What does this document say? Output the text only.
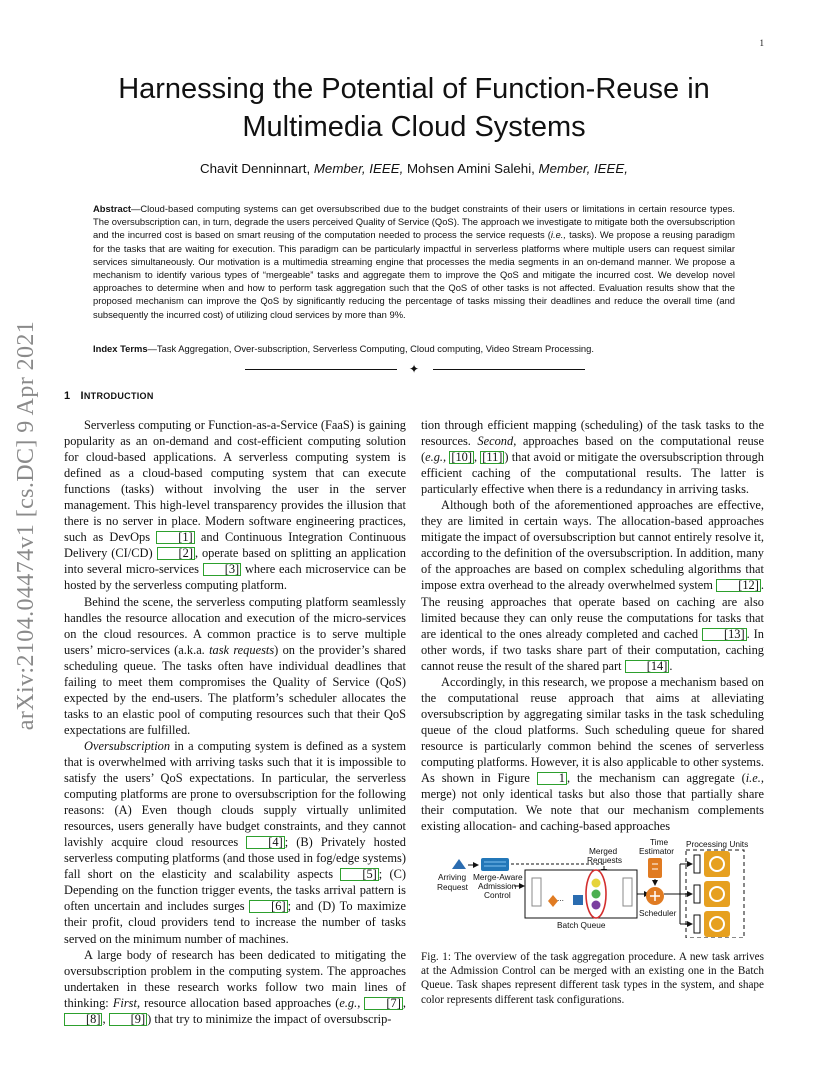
1
arXiv:2104.04474v1 [cs.DC] 9 Apr 2021
Harnessing the Potential of Function-Reuse in
Multimedia Cloud Systems
Chavit Denninnart, Member, IEEE, Mohsen Amini Salehi, Member, IEEE,
Abstract—Cloud-based computing systems can get oversubscribed due to the budget constraints of their users or limitations in certain resource types. The oversubscription can, in turn, degrade the users perceived Quality of Service (QoS). The approach we investigate to mitigate both the oversubscription and the incurred cost is based on smart reusing of the computation needed to process the service requests (i.e., tasks). We propose a reusing paradigm for the tasks that are waiting for execution. This paradigm can be particularly impactful in serverless platforms where multiple users can request similar services simultaneously. Our motivation is a multimedia streaming engine that processes the media segments in an on-demand manner. We propose a mechanism to identify various types of “mergeable” tasks and aggregate them to improve the QoS and mitigate the incurred cost. We develop novel approaches to determine when and how to perform task aggregation such that the QoS of other tasks is not affected. Evaluation results show that the proposed mechanism can improve the QoS by significantly reducing the percentage of tasks missing their deadlines and reduce the overall time (and subsequently the incurred cost) of utilizing cloud services by more than 9%.
Index Terms—Task Aggregation, Over-subscription, Serverless Computing, Cloud computing, Video Stream Processing.
✦
1 INTRODUCTION

Serverless computing or Function-as-a-Service (FaaS) is gaining popularity as an on-demand and cost-efficient computing solution for cloud-based applications. A serverless computing system is defined as a cloud-based computing system that can execute functions (tasks) without involving the user in the server management. This high-level transparency provides the illusion that there is no server in place. Modern software engineering practices, such as DevOps [1] and Continuous Integration Continuous Delivery (CI/CD) [2] , operate based on splitting an application into several micro-services [3] where each microservice can be hosted by the serverless computing platform.

Behind the scene, the serverless computing platform seamlessly handles the resource allocation and execution of the micro-services on the cloud resources. A common practice is to serve multiple users’ micro-services (a.k.a. task requests) on the provider’s shared scheduling queue. The tasks often have individual deadlines that failing to meet them compromises the Quality of Service (QoS) expected by the end-users. The platform’s scheduler allocates the tasks to an elastic pool of computing resources such that their QoS expectations are fulfilled.

Oversubscription in a computing system is defined as a system that is overwhelmed with arriving tasks such that it is impossible to satisfy the users’ QoS expectations. In particular, the serverless computing platforms are prone to oversubscription for the following reasons: (A) Even though clouds supply virtually unlimited resources, users generally have budget constraints, and they cannot lavishly acquire cloud resources [4] ; (B) Privately hosted serverless computing platforms (and those used in fog/edge systems) fall short on the elasticity and scalability aspects [5] ; (C) Depending on the function trigger events, the tasks arrival pattern is often uncertain and includes surges [6] ; and (D) To maximize their profit, cloud providers tend to increase the number of tasks served on the minimum number of machines.

A large body of research has been dedicated to mitigating the oversubscription problem in the computing system. The approaches undertaken in these research works follow two main lines of thinking: First, resource allocation based approaches (e.g., [7] , [8] , [9] ) that try to minimize the impact of oversubscrip-

tion through efficient mapping (scheduling) of the task tasks to the resources. Second, approaches based on the computational reuse (e.g., [10] , [11] ) that avoid or mitigate the oversubscription through efficient caching of the computational results. The latter is particularly effective when there is a redundancy in arriving tasks.

Although both of the aforementioned approaches are effective, they are limited in certain ways. The allocation-based approaches mitigate the impact of oversubscription but cannot entirely resolve it, according to the definition of the oversubscription. In addition, many of the approaches are based on complex scheduling algorithms that impose extra overhead to the already overwhelmed system [12] . The reusing approaches that operate based on caching are also limited because they can only reuse the computations for tasks that are identical to the ones already completed and cached [13] . In other words, if two tasks share part of their computation, caching cannot reuse the result of the shared part [14] .

Accordingly, in this research, we propose a mechanism based on the computational reuse approach that aims at alleviating oversubscription by aggregating similar tasks in the task scheduling queue of the cloud platforms. Such scheduling queue for shared resource is particularly common behind the scenes of serverless computing platforms. However, it is also applicable to other systems. As shown in Figure 1 , the mechanism can aggregate (i.e., merge) not only identical tasks but also those that partially share their computation. We note that our mechanism complements existing allocation- and caching-based approaches

Arriving
Request
Merge-Aware
Admission
Control	...
Merged
Requests
Batch Queue
Time
Estimator
Scheduler
Processing Units
Fig. 1: The overview of the task aggregation procedure. A new task arrives at the Admission Control can be merged with an existing one in the Batch Queue. Task shapes represent different task types in the system, and shape color represents different task configurations.
